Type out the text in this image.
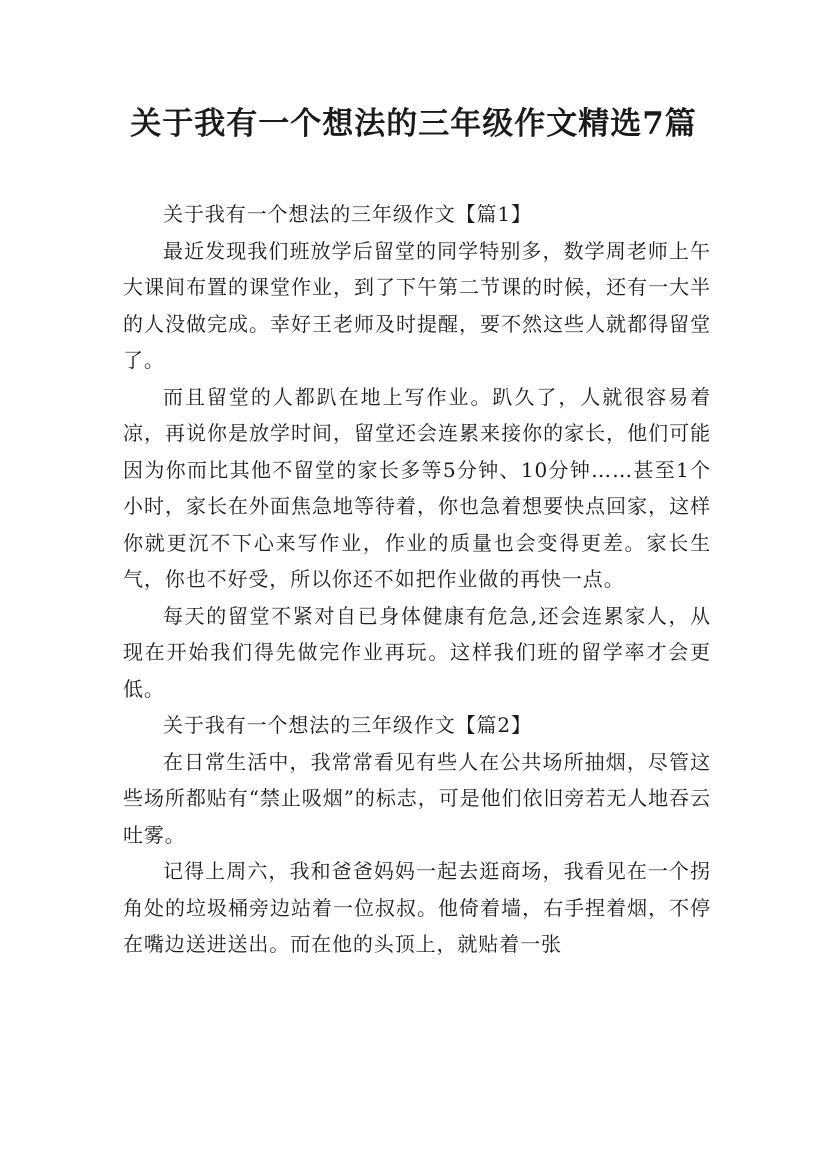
关于我有一个想法的三年级作文精选7篇

关于我有一个想法的三年级作文【篇1】

最近发现我们班放学后留堂的同学特别多，数学周老师上午大课间布置的课堂作业，到了下午第二节课的时候，还有一大半的人没做完成。幸好王老师及时提醒，要不然这些人就都得留堂了。

而且留堂的人都趴在地上写作业。趴久了，人就很容易着凉，再说你是放学时间，留堂还会连累来接你的家长，他们可能因为你而比其他不留堂的家长多等5分钟、10分钟……甚至1个小时，家长在外面焦急地等待着，你也急着想要快点回家，这样你就更沉不下心来写作业，作业的质量也会变得更差。家长生气，你也不好受，所以你还不如把作业做的再快一点。

每天的留堂不紧对自已身体健康有危急,还会连累家人，从现在开始我们得先做完作业再玩。这样我们班的留学率才会更低。

关于我有一个想法的三年级作文【篇2】

在日常生活中，我常常看见有些人在公共场所抽烟，尽管这些场所都贴有“禁止吸烟”的标志，可是他们依旧旁若无人地吞云吐雾。

记得上周六，我和爸爸妈妈一起去逛商场，我看见在一个拐角处的垃圾桶旁边站着一位叔叔。他倚着墙，右手捏着烟，不停在嘴边送进送出。而在他的头顶上，就贴着一张
